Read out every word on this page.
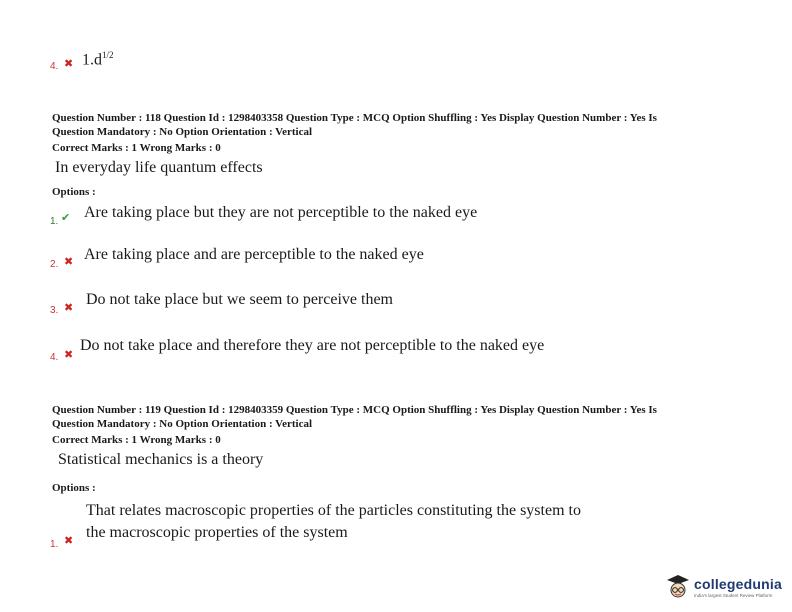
4. ✖ $1.d^{1/2}$
Question Number : 118 Question Id : 1298403358 Question Type : MCQ Option Shuffling : Yes Display Question Number : Yes Is
Question Mandatory : No Option Orientation : Vertical
Correct Marks : 1 Wrong Marks : 0
In everyday life quantum effects
Options :
1. ✔ Are taking place but they are not perceptible to the naked eye
2. ✖ Are taking place and are perceptible to the naked eye
3. ✖ Do not take place but we seem to perceive them
4. ✖
Do not take place and therefore they are not perceptible to the naked eye
Question Number : 119 Question Id : 1298403359 Question Type : MCQ Option Shuffling : Yes Display Question Number : Yes Is
Question Mandatory : No Option Orientation : Vertical
Correct Marks : 1 Wrong Marks : 0
Statistical mechanics is a theory
Options :
That relates macroscopic properties of the particles constituting the system to
the macroscopic properties of the system
1. ✖
collegedunia
India's largest Student Review Platform
